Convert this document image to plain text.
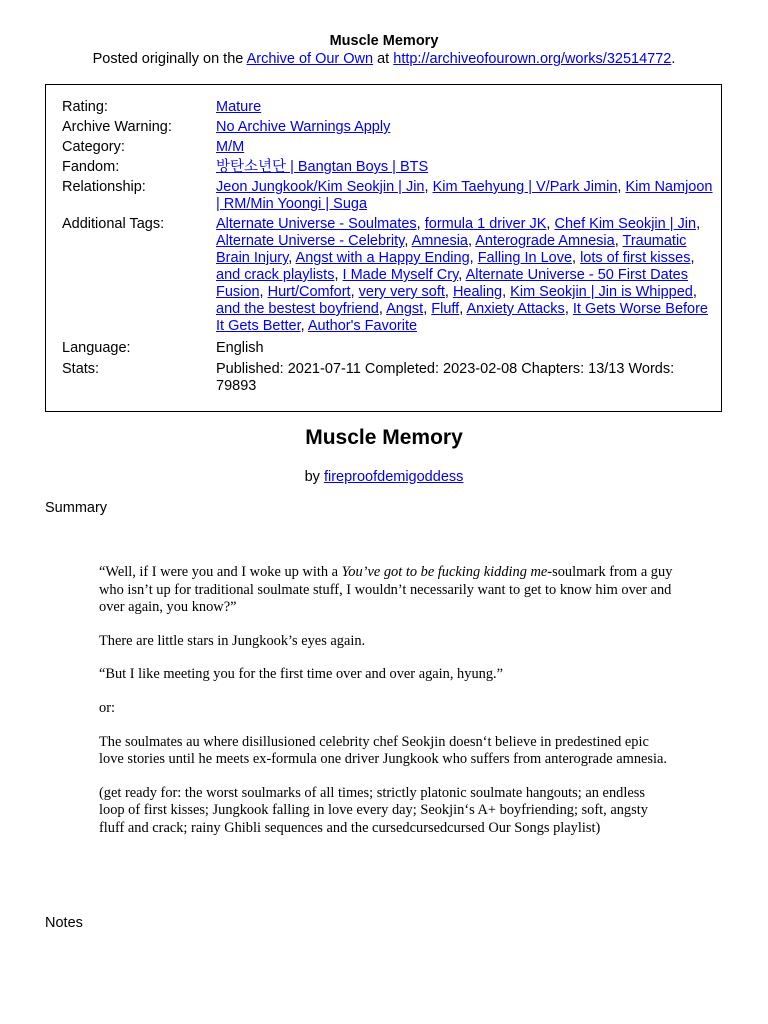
Muscle Memory
Posted originally on the Archive of Our Own at http://archiveofourown.org/works/32514772.
Rating:	Mature
Archive Warning:	No Archive Warnings Apply
Category:	M/M
Fandom:	방탄소년단 | Bangtan Boys | BTS
Relationship:	Jeon Jungkook/Kim Seokjin | Jin, Kim Taehyung | V/Park Jimin, Kim Namjoon | RM/Min Yoongi | Suga
Additional Tags:	Alternate Universe - Soulmates, formula 1 driver JK, Chef Kim Seokjin | Jin, Alternate Universe - Celebrity, Amnesia, Anterograde Amnesia, Traumatic Brain Injury, Angst with a Happy Ending, Falling In Love, lots of first kisses, and crack playlists, I Made Myself Cry, Alternate Universe - 50 First Dates Fusion, Hurt/Comfort, very very soft, Healing, Kim Seokjin | Jin is Whipped, and the bestest boyfriend, Angst, Fluff, Anxiety Attacks, It Gets Worse Before It Gets Better, Author's Favorite
Language:	English
Stats:	Published: 2021-07-11 Completed: 2023-02-08 Chapters: 13/13 Words: 79893
Muscle Memory
by fireproofdemigoddess
Summary

“Well, if I were you and I woke up with a You’ve got to be fucking kidding me-soulmark from a guy who isn’t up for traditional soulmate stuff, I wouldn’t necessarily want to get to know him over and over again, you know?”

There are little stars in Jungkook’s eyes again.

“But I like meeting you for the first time over and over again, hyung.”

or:

The soulmates au where disillusioned celebrity chef Seokjin doesn‘t believe in predestined epic love stories until he meets ex-formula one driver Jungkook who suffers from anterograde amnesia.

(get ready for: the worst soulmarks of all times; strictly platonic soulmate hangouts; an endless loop of first kisses; Jungkook falling in love every day; Seokjin‘s A+ boyfriending; soft, angsty fluff and crack; rainy Ghibli sequences and the cursedcursedcursed Our Songs playlist)

Notes
